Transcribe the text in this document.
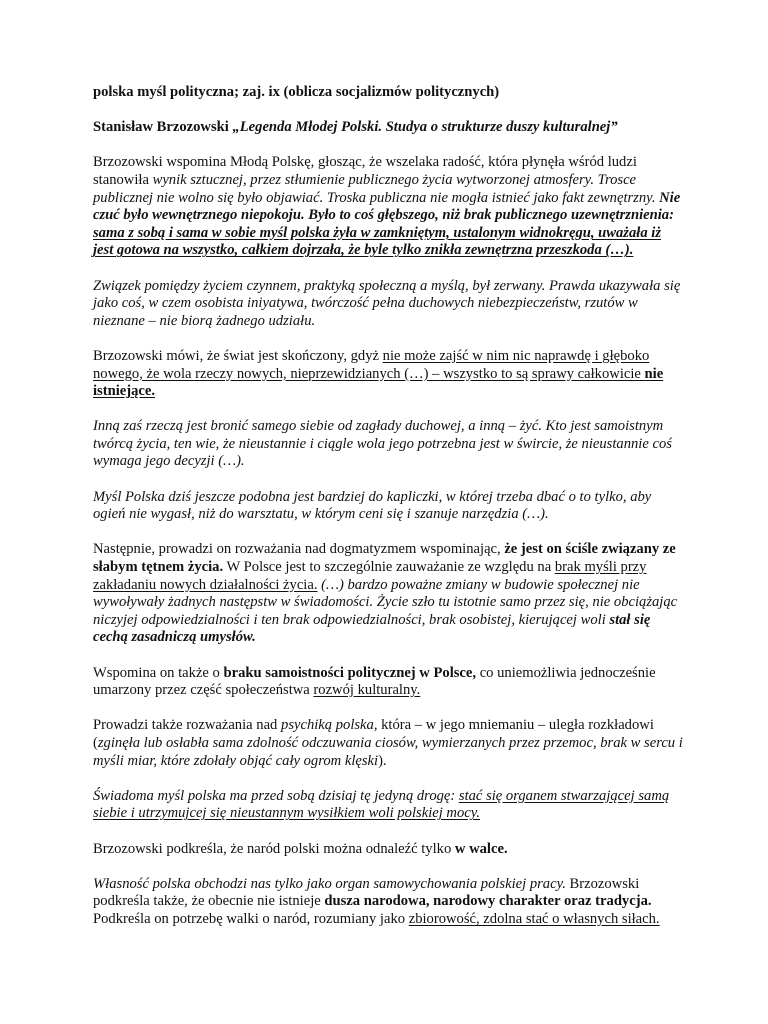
polska myśl polityczna; zaj. ix (oblicza socjalizmów politycznych)

Stanisław Brzozowski „Legenda Młodej Polski. Studya o strukturze duszy kulturalnej”

Brzozowski wspomina Młodą Polskę, głosząc, że wszelaka radość, która płynęła wśród ludzi stanowiła wynik sztucznej, przez stłumienie publicznego życia wytworzonej atmosfery. Trosce publicznej nie wolno się było objawiać. Troska publiczna nie mogła istnieć jako fakt zewnętrzny. Nie czuć było wewnętrznego niepokoju. Było to coś głębszego, niż brak publicznego uzewnętrznienia: sama z sobą i sama w sobie myśl polska żyła w zamkniętym, ustalonym widnokręgu, uważała iż jest gotowa na wszystko, całkiem dojrzała, że byle tylko znikła zewnętrzna przeszkoda (…).

Związek pomiędzy życiem czynnem, praktyką społeczną a myślą, był zerwany. Prawda ukazywała się jako coś, w czem osobista iniyatywa, twórczość pełna duchowych niebezpieczeństw, rzutów w nieznane – nie biorą żadnego udziału.

Brzozowski mówi, że świat jest skończony, gdyż nie może zajść w nim nic naprawdę i głęboko nowego, że wola rzeczy nowych, nieprzewidzianych (…) – wszystko to są sprawy całkowicie nie istniejące.

Inną zaś rzeczą jest bronić samego siebie od zagłady duchowej, a inną – żyć. Kto jest samoistnym twórcą życia, ten wie, że nieustannie i ciągle wola jego potrzebna jest w śwircie, że nieustannie coś wymaga jego decyzji (…).

Myśl Polska dziś jeszcze podobna jest bardziej do kapliczki, w której trzeba dbać o to tylko, aby ogień nie wygasł, niż do warsztatu, w którym ceni się i szanuje narzędzia (…).

Następnie, prowadzi on rozważania nad dogmatyzmem wspominając, że jest on ściśle związany ze słabym tętnem życia. W Polsce jest to szczególnie zauważanie ze względu na brak myśli przy zakładaniu nowych działalności życia. (…) bardzo poważne zmiany w budowie społecznej nie wywoływały żadnych następstw w świadomości. Życie szło tu istotnie samo przez się, nie obciążając niczyjej odpowiedzialności i ten brak odpowiedzialności, brak osobistej, kierującej woli stał się cechą zasadniczą umysłów.

Wspomina on także o braku samoistności politycznej w Polsce, co uniemożliwia jednocześnie umarzony przez część społeczeństwa rozwój kulturalny.

Prowadzi także rozważania nad psychiką polska, która – w jego mniemaniu – uległa rozkładowi (zginęła lub osłabła sama zdolność odczuwania ciosów, wymierzanych przez przemoc, brak w sercu i myśli miar, które zdołały objąć cały ogrom klęski).

Świadoma myśl polska ma przed sobą dzisiaj tę jedyną drogę: stać się organem stwarzającej samą siebie i utrzymujcej się nieustannym wysiłkiem woli polskiej mocy.

Brzozowski podkreśla, że naród polski można odnaleźć tylko w walce.

Własność polska obchodzi nas tylko jako organ samowychowania polskiej pracy. Brzozowski podkreśla także, że obecnie nie istnieje dusza narodowa, narodowy charakter oraz tradycja. Podkreśla on potrzebę walki o naród, rozumiany jako zbiorowość, zdolna stać o własnych siłach.
